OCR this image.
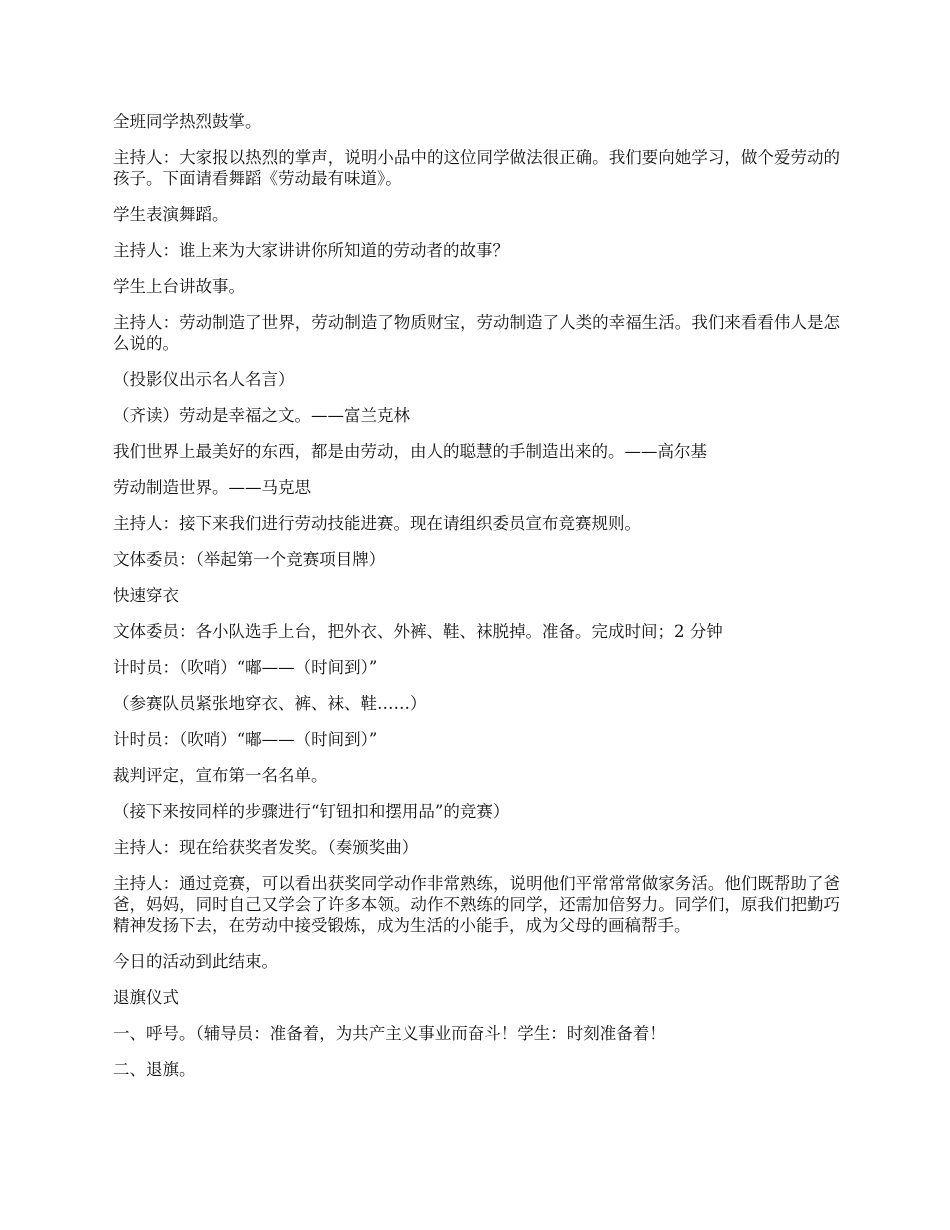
全班同学热烈鼓掌。

主持人：大家报以热烈的掌声，说明小品中的这位同学做法很正确。我们要向她学习，做个爱劳动的孩子。下面请看舞蹈《劳动最有味道》。

学生表演舞蹈。

主持人：谁上来为大家讲讲你所知道的劳动者的故事？

学生上台讲故事。

主持人：劳动制造了世界，劳动制造了物质财宝，劳动制造了人类的幸福生活。我们来看看伟人是怎么说的。

（投影仪出示名人名言）

（齐读）劳动是幸福之文。——富兰克林

我们世界上最美好的东西，都是由劳动，由人的聪慧的手制造出来的。——高尔基

劳动制造世界。——马克思

主持人：接下来我们进行劳动技能进赛。现在请组织委员宣布竞赛规则。

文体委员：（举起第一个竞赛项目牌）

快速穿衣

文体委员：各小队选手上台，把外衣、外裤、鞋、袜脱掉。准备。完成时间；2 分钟

计时员：（吹哨）“嘟——（时间到）”

（参赛队员紧张地穿衣、裤、袜、鞋……）

计时员：（吹哨）“嘟——（时间到）”

裁判评定，宣布第一名名单。

（接下来按同样的步骤进行“钉钮扣和摆用品”的竞赛）

主持人：现在给获奖者发奖。（奏颁奖曲）

主持人：通过竞赛，可以看出获奖同学动作非常熟练，说明他们平常常常做家务活。他们既帮助了爸爸，妈妈，同时自己又学会了许多本领。动作不熟练的同学，还需加倍努力。同学们，原我们把勤巧精神发扬下去，在劳动中接受锻炼，成为生活的小能手，成为父母的画稿帮手。

今日的活动到此结束。

退旗仪式

一、呼号。（辅导员：准备着，为共产主义事业而奋斗！学生：时刻准备着！

二、退旗。
